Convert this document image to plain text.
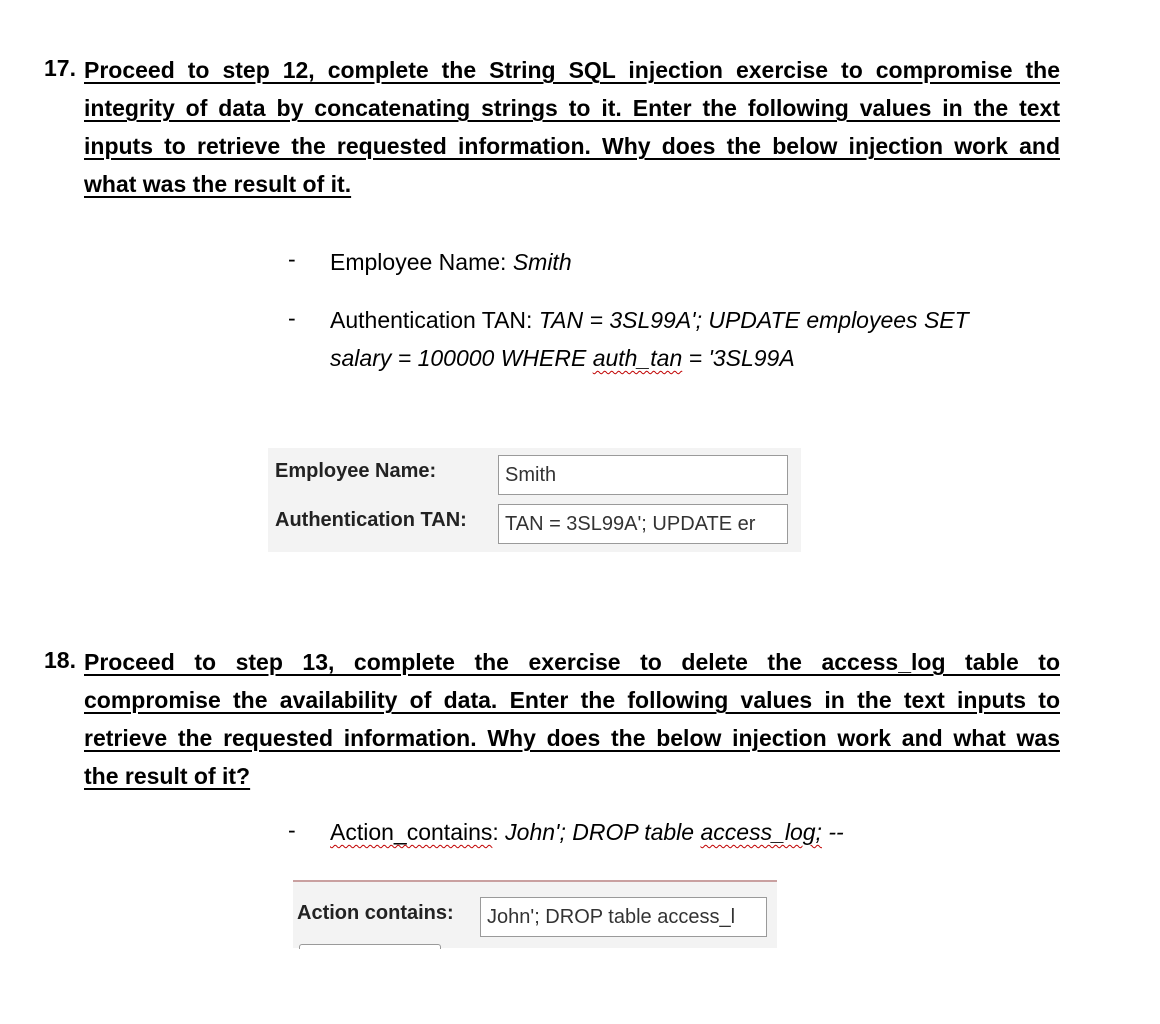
17. Proceed to step 12, complete the String SQL injection exercise to compromise the
integrity of data by concatenating strings to it. Enter the following values in the text
inputs to retrieve the requested information. Why does the below injection work and
what was the result of it.
- Employee Name: Smith
- Authentication TAN: TAN = 3SL99A'; UPDATE employees SET
salary = 100000 WHERE auth_tan = '3SL99A
Employee Name:	Smith
Authentication TAN:	TAN = 3SL99A'; UPDATE er
18. Proceed to step 13, complete the exercise to delete the access_log table to
compromise the availability of data. Enter the following values in the text inputs to
retrieve the requested information. Why does the below injection work and what was
the result of it?
- Action_contains: John'; DROP table access_log; --
Action contains:	John'; DROP table access_l
